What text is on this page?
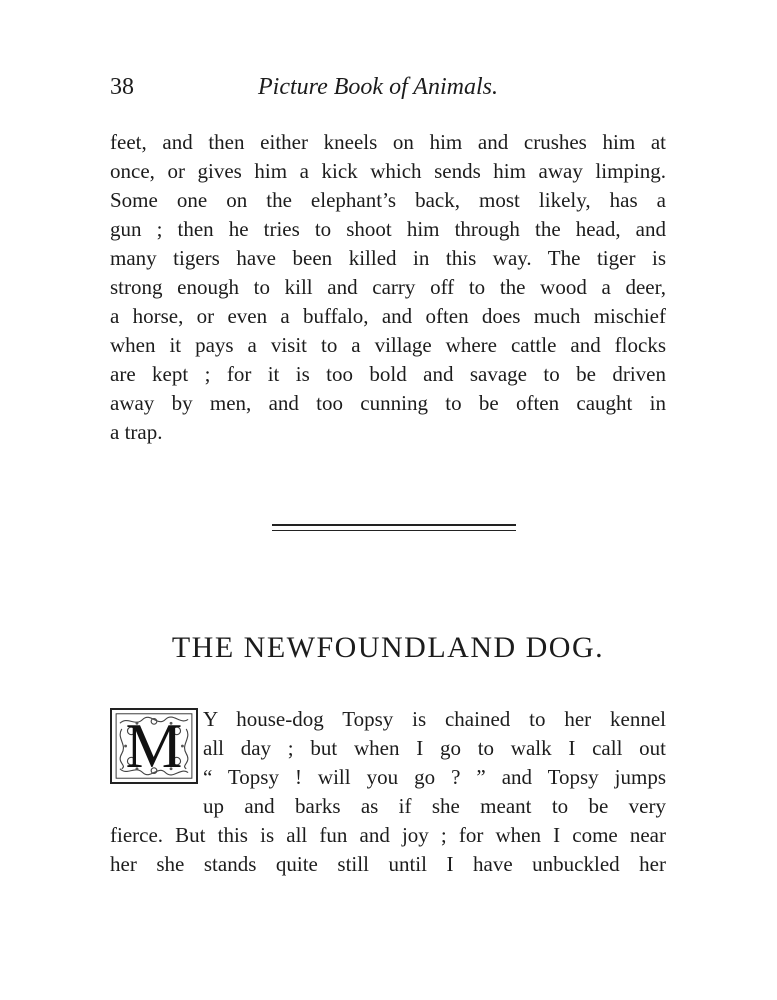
38	Picture Book of Animals.
feet, and then either kneels on him and crushes him at
once, or gives him a kick which sends him away limping.
Some one on the elephant’s back, most likely, has a
gun ; then he tries to shoot him through the head, and
many tigers have been killed in this way. The tiger is
strong enough to kill and carry off to the wood a deer,
a horse, or even a buffalo, and often does much mischief
when it pays a visit to a village where cattle and flocks
are kept ; for it is too bold and savage to be driven
away by men, and too cunning to be often caught in
a trap.
THE NEWFOUNDLAND DOG.
M Y house-dog Topsy is chained to her kennel
all day ; but when I go to walk I call out
“ Topsy ! will you go ? ” and Topsy jumps
up and barks as if she meant to be very
fierce. But this is all fun and joy ; for when I come near
her she stands quite still until I have unbuckled her
